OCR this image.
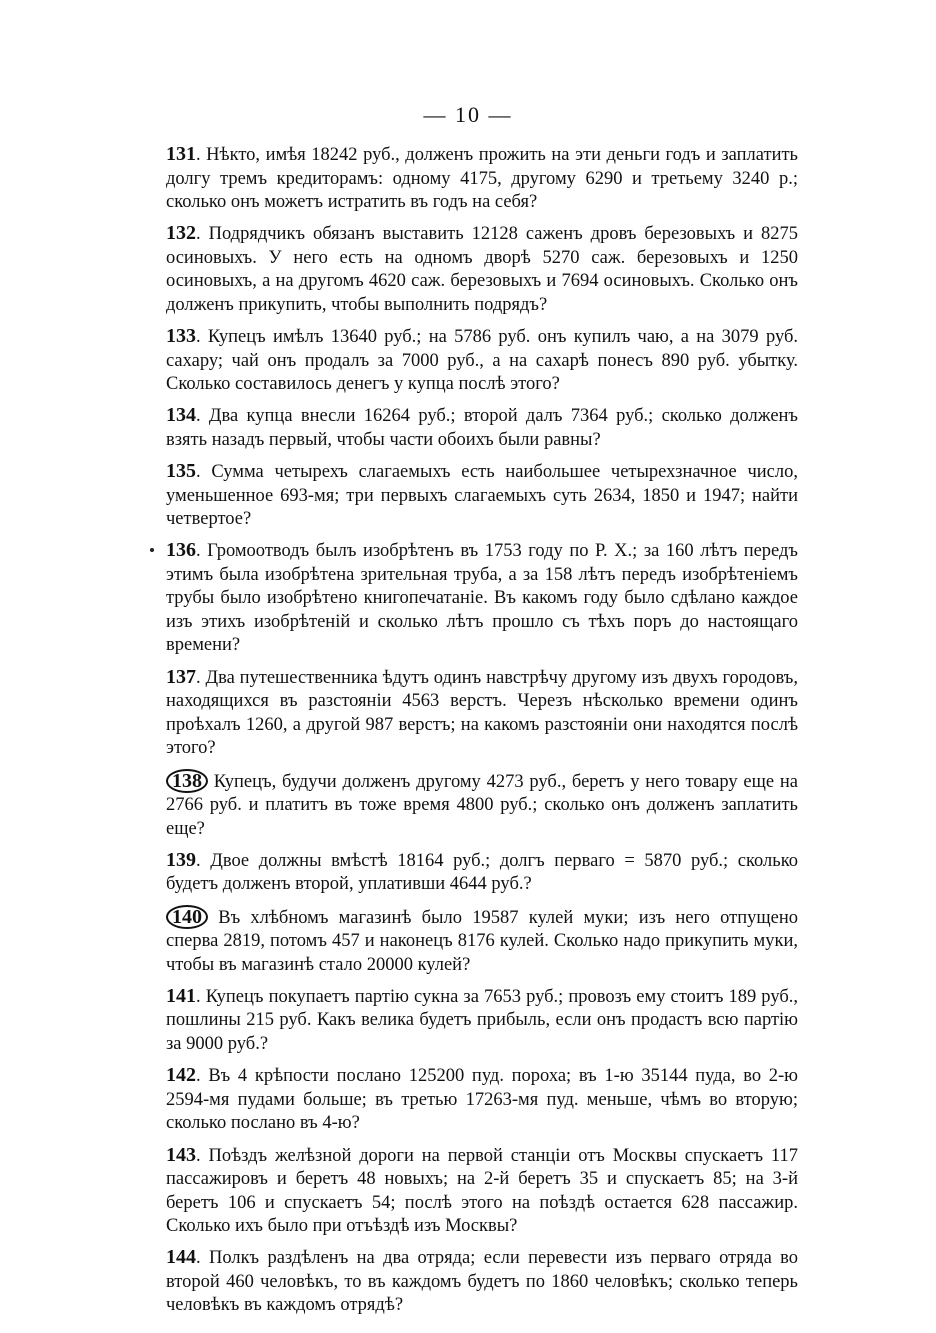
— 10 —

131. Нѣкто, имѣя 18242 руб., долженъ прожить на эти деньги годъ и заплатить долгу тремъ кредиторамъ: одному 4175, другому 6290 и третьему 3240 р.; сколько онъ можетъ истратить въ годъ на себя?

132. Подрядчикъ обязанъ выставить 12128 саженъ дровъ березовыхъ и 8275 осиновыхъ. У него есть на одномъ дворѣ 5270 саж. березовыхъ и 1250 осиновыхъ, а на другомъ 4620 саж. березовыхъ и 7694 осиновыхъ. Сколько онъ долженъ прикупить, чтобы выполнить подрядъ?

133. Купецъ имѣлъ 13640 руб.; на 5786 руб. онъ купилъ чаю, а на 3079 руб. сахару; чай онъ продалъ за 7000 руб., а на сахарѣ понесъ 890 руб. убытку. Сколько составилось денегъ у купца послѣ этого?

134. Два купца внесли 16264 руб.; второй далъ 7364 руб.; сколько долженъ взять назадъ первый, чтобы части обоихъ были равны?

135. Сумма четырехъ слагаемыхъ есть наибольшее четырехзначное число, уменьшенное 693-мя; три первыхъ слагаемыхъ суть 2634, 1850 и 1947; найти четвертое?

136. Громоотводъ былъ изобрѣтенъ въ 1753 году по Р. Х.; за 160 лѣтъ передъ этимъ была изобрѣтена зрительная труба, а за 158 лѣтъ передъ изобрѣтеніемъ трубы было изобрѣтено книгопечатаніе. Въ какомъ году было сдѣлано каждое изъ этихъ изобрѣтеній и сколько лѣтъ прошло съ тѣхъ поръ до настоящаго времени?

137. Два путешественника ѣдутъ одинъ навстрѣчу другому изъ двухъ городовъ, находящихся въ разстояніи 4563 верстъ. Черезъ нѣсколько времени одинъ проѣхалъ 1260, а другой 987 верстъ; на какомъ разстояніи они находятся послѣ этого?

138 Купецъ, будучи долженъ другому 4273 руб., беретъ у него товару еще на 2766 руб. и платитъ въ тоже время 4800 руб.; сколько онъ долженъ заплатить еще?

139. Двое должны вмѣстѣ 18164 руб.; долгъ перваго = 5870 руб.; сколько будетъ долженъ второй, уплативши 4644 руб.?

140 Въ хлѣбномъ магазинѣ было 19587 кулей муки; изъ него отпущено сперва 2819, потомъ 457 и наконецъ 8176 кулей. Сколько надо прикупить муки, чтобы въ магазинѣ стало 20000 кулей?

141. Купецъ покупаетъ партію сукна за 7653 руб.; провозъ ему стоитъ 189 руб., пошлины 215 руб. Какъ велика будетъ прибыль, если онъ продастъ всю партію за 9000 руб.?

142. Въ 4 крѣпости послано 125200 пуд. пороха; въ 1-ю 35144 пуда, во 2-ю 2594-мя пудами больше; въ третью 17263-мя пуд. меньше, чѣмъ во вторую; сколько послано въ 4-ю?

143. Поѣздъ желѣзной дороги на первой станціи отъ Москвы спускаетъ 117 пассажировъ и беретъ 48 новыхъ; на 2-й беретъ 35 и спускаетъ 85; на 3-й беретъ 106 и спускаетъ 54; послѣ этого на поѣздѣ остается 628 пассажир. Сколько ихъ было при отъѣздѣ изъ Москвы?

144. Полкъ раздѣленъ на два отряда; если перевести изъ перваго отряда во второй 460 человѣкъ, то въ каждомъ будетъ по 1860 человѣкъ; сколько теперь человѣкъ въ каждомъ отрядѣ?
